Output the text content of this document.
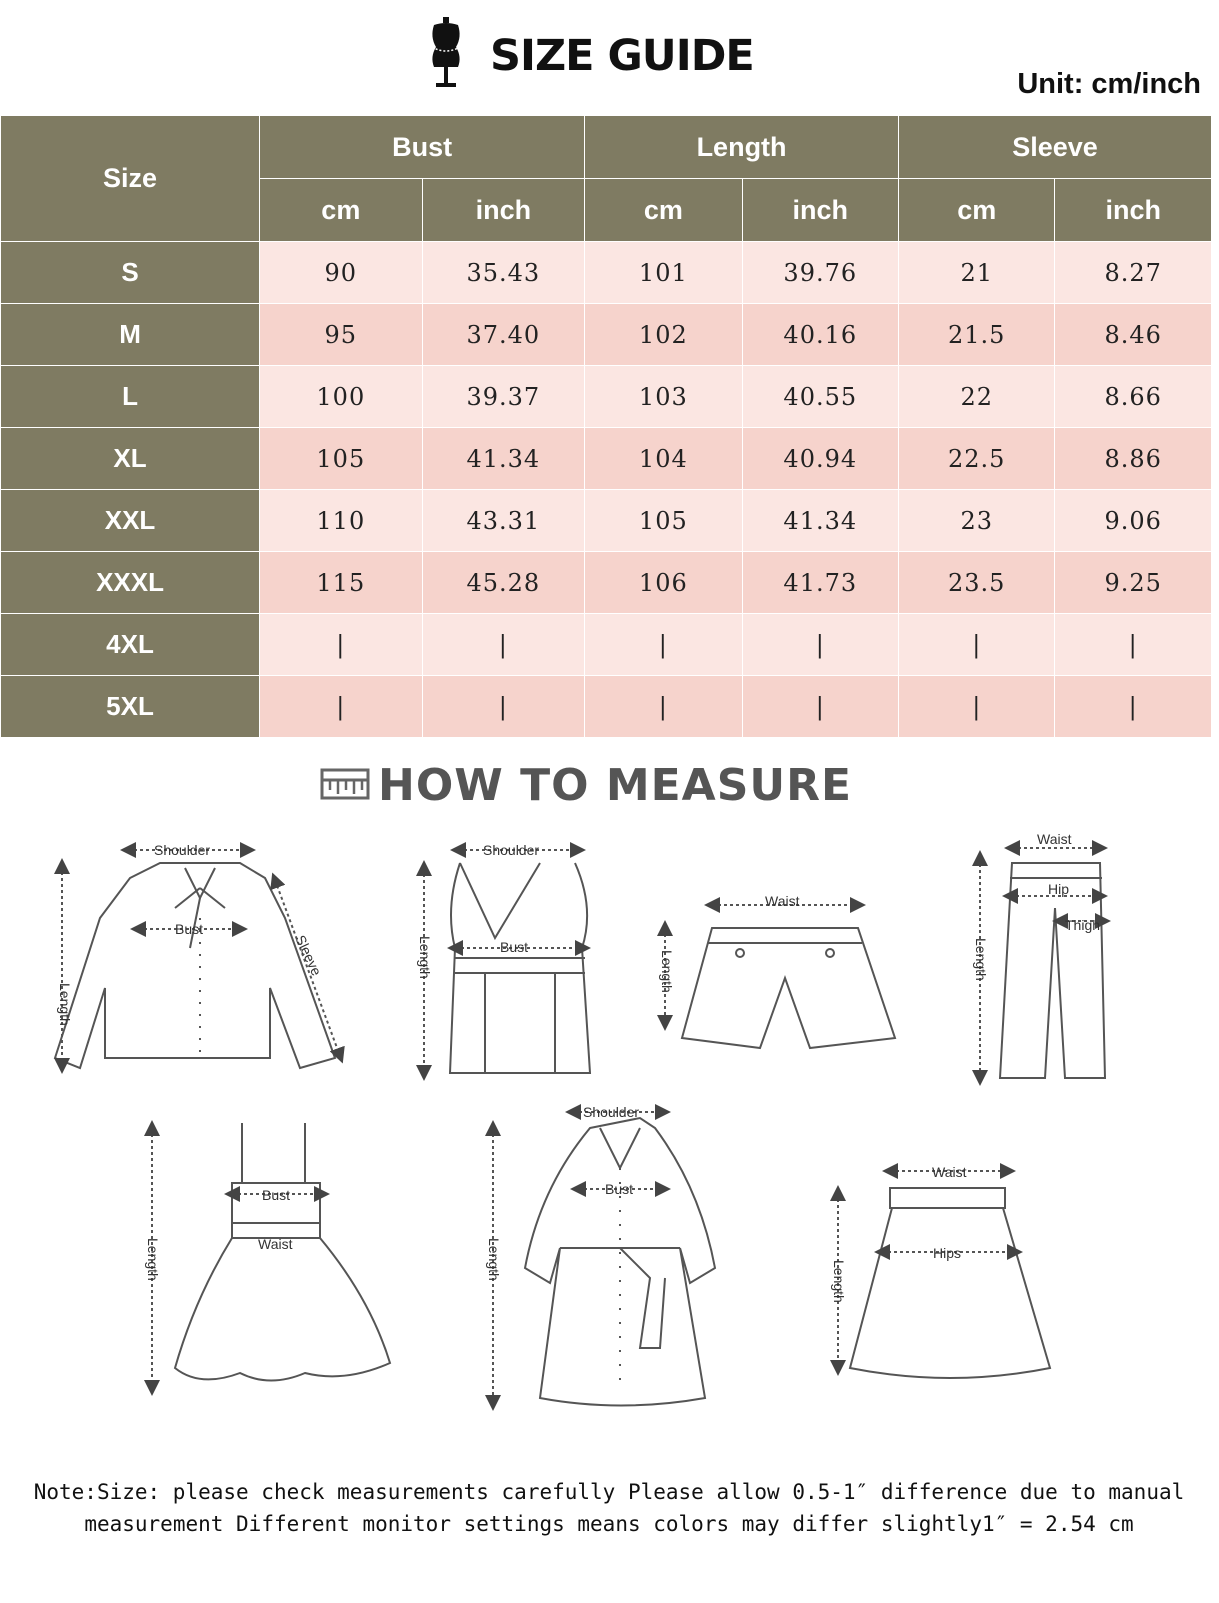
SIZE GUIDE
Unit: cm/inch
Size	Bust		Length		Sleeve	
	cm	inch	cm	inch	cm	inch
S	90	35.43	101	39.76	21	8.27
M	95	37.40	102	40.16	21.5	8.46
L	100	39.37	103	40.55	22	8.66
XL	105	41.34	104	40.94	22.5	8.86
XXL	110	43.31	105	41.34	23	9.06
XXXL	115	45.28	106	41.73	23.5	9.25
4XL	|	|	|	|	|	|
5XL	|	|	|	|	|	|
HOW TO MEASURE
Shoulder
Bust
Length
Sleeve
Shoulder
Bust
Length
Waist
Length
Waist
Hip
Thigh
Length
Bust
Waist
Length
Shoulder
Bust
Length
Waist
Hips
Length
Note:Size: please check measurements carefully Please allow 0.5-1″ difference due to manual measurement Different monitor settings means colors may differ slightly1″ = 2.54 cm
